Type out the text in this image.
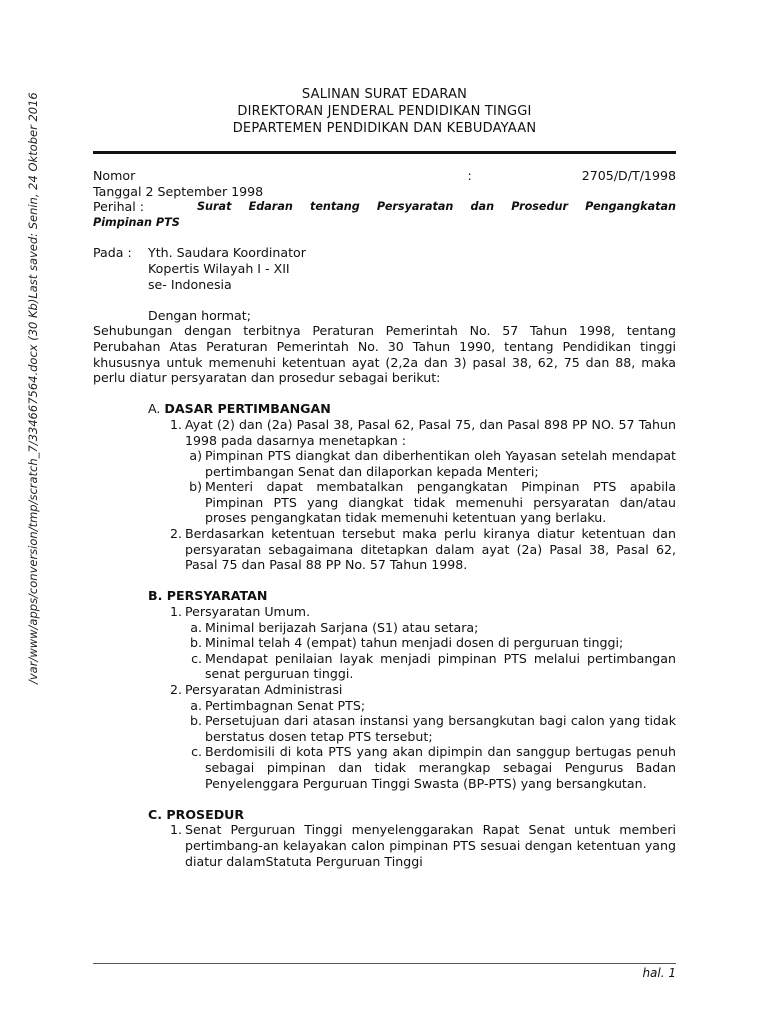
/var/www/apps/conversion/tmp/scratch_7/334667564.docx (30 Kb)Last saved: Senin, 24 Oktober 2016	SALINAN SURAT EDARAN
DIREKTORAN JENDERAL PENDIDIKAN TINGGI
DEPARTEMEN PENDIDIKAN DAN KEBUDAYAAN
Nomor	:	2705/D/T/1998
Tanggal 2 September 1998
Perihal :	Surat Edaran tentang Persyaratan dan Prosedur Pengangkatan
Pimpinan PTS
Pada :	Yth. Saudara Koordinator
Kopertis Wilayah I - XII
se- Indonesia
Dengan hormat;

Sehubungan dengan terbitnya Peraturan Pemerintah No. 57 Tahun 1998, tentang Perubahan Atas Peraturan Pemerintah No. 30 Tahun 1990, tentang Pendidikan tinggi khususnya untuk memenuhi ketentuan ayat (2,2a dan 3) pasal 38, 62, 75 dan 88, maka perlu diatur persyaratan dan prosedur sebagai berikut:

A. DASAR PERTIMBANGAN
1. Ayat (2) dan (2a) Pasal 38, Pasal 62, Pasal 75, dan Pasal 898 PP NO. 57 Tahun 1998 pada dasarnya menetapkan :
a) Pimpinan PTS diangkat dan diberhentikan oleh Yayasan setelah mendapat pertimbangan Senat dan dilaporkan kepada Menteri;
b) Menteri dapat membatalkan pengangkatan Pimpinan PTS apabila Pimpinan PTS yang diangkat tidak memenuhi persyaratan dan/atau proses pengangkatan tidak memenuhi ketentuan yang berlaku.
2. Berdasarkan ketentuan tersebut maka perlu kiranya diatur ketentuan dan persyaratan sebagaimana ditetapkan dalam ayat (2a) Pasal 38, Pasal 62, Pasal 75 dan Pasal 88 PP No. 57 Tahun 1998.
B. PERSYARATAN
1. Persyaratan Umum.
a. Minimal berijazah Sarjana (S1) atau setara;
b. Minimal telah 4 (empat) tahun menjadi dosen di perguruan tinggi;
c. Mendapat penilaian layak menjadi pimpinan PTS melalui pertimbangan senat perguruan tinggi.
2. Persyaratan Administrasi
a. Pertimbagnan Senat PTS;
b. Persetujuan dari atasan instansi yang bersangkutan bagi calon yang tidak berstatus dosen tetap PTS tersebut;
c. Berdomisili di kota PTS yang akan dipimpin dan sanggup bertugas penuh sebagai pimpinan dan tidak merangkap sebagai Pengurus Badan Penyelenggara Perguruan Tinggi Swasta (BP-PTS) yang bersangkutan.
C. PROSEDUR
1. Senat Perguruan Tinggi menyelenggarakan Rapat Senat untuk memberi pertimbang-an kelayakan calon pimpinan PTS sesuai dengan ketentuan yang diatur dalamStatuta Perguruan Tinggi
hal. 1
